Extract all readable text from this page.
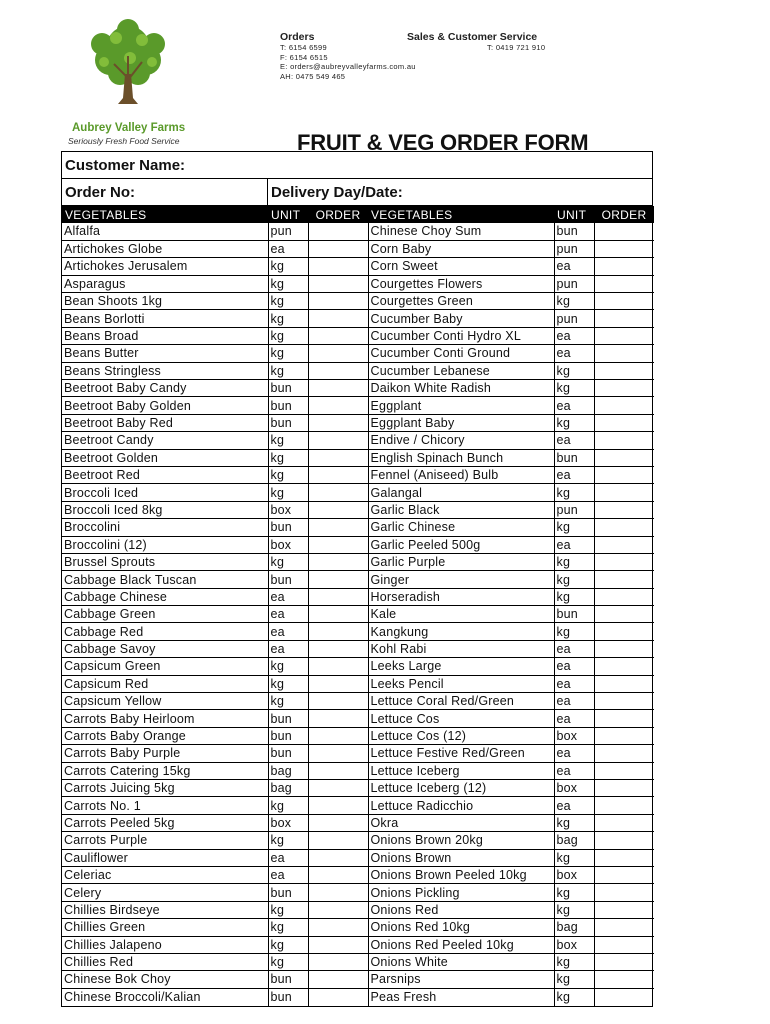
Aubrey Valley Farms
Seriously Fresh Food Service
Orders
T: 6154 6599
F: 6154 6515
E: orders@aubreyvalleyfarms.com.au
AH: 0475 549 465
Sales & Customer Service
T: 0419 721 910
FRUIT & VEG ORDER FORM
Customer Name:
Order No:	Delivery Day/Date:
VEGETABLES	UNIT	ORDER	VEGETABLES	UNIT	ORDER
Alfalfa	pun		Chinese Choy Sum	bun	
Artichokes Globe	ea		Corn Baby	pun	
Artichokes Jerusalem	kg		Corn Sweet	ea	
Asparagus	kg		Courgettes Flowers	pun	
Bean Shoots 1kg	kg		Courgettes Green	kg	
Beans Borlotti	kg		Cucumber Baby	pun	
Beans Broad	kg		Cucumber Conti Hydro XL	ea	
Beans Butter	kg		Cucumber Conti Ground	ea	
Beans Stringless	kg		Cucumber Lebanese	kg	
Beetroot Baby Candy	bun		Daikon White Radish	kg	
Beetroot Baby Golden	bun		Eggplant	ea	
Beetroot Baby Red	bun		Eggplant Baby	kg	
Beetroot Candy	kg		Endive / Chicory	ea	
Beetroot Golden	kg		English Spinach Bunch	bun	
Beetroot Red	kg		Fennel (Aniseed) Bulb	ea	
Broccoli Iced	kg		Galangal	kg	
Broccoli Iced 8kg	box		Garlic Black	pun	
Broccolini	bun		Garlic Chinese	kg	
Broccolini (12)	box		Garlic Peeled 500g	ea	
Brussel Sprouts	kg		Garlic Purple	kg	
Cabbage Black Tuscan	bun		Ginger	kg	
Cabbage Chinese	ea		Horseradish	kg	
Cabbage Green	ea		Kale	bun	
Cabbage Red	ea		Kangkung	kg	
Cabbage Savoy	ea		Kohl Rabi	ea	
Capsicum Green	kg		Leeks Large	ea	
Capsicum Red	kg		Leeks Pencil	ea	
Capsicum Yellow	kg		Lettuce Coral Red/Green	ea	
Carrots Baby Heirloom	bun		Lettuce Cos	ea	
Carrots Baby Orange	bun		Lettuce Cos (12)	box	
Carrots Baby Purple	bun		Lettuce Festive Red/Green	ea	
Carrots Catering 15kg	bag		Lettuce Iceberg	ea	
Carrots Juicing 5kg	bag		Lettuce Iceberg (12)	box	
Carrots No. 1	kg		Lettuce Radicchio	ea	
Carrots Peeled 5kg	box		Okra	kg	
Carrots Purple	kg		Onions Brown 20kg	bag	
Cauliflower	ea		Onions Brown	kg	
Celeriac	ea		Onions Brown Peeled 10kg	box	
Celery	bun		Onions Pickling	kg	
Chillies Birdseye	kg		Onions Red	kg	
Chillies Green	kg		Onions Red 10kg	bag	
Chillies Jalapeno	kg		Onions Red Peeled 10kg	box	
Chillies Red	kg		Onions White	kg	
Chinese Bok Choy	bun		Parsnips	kg	
Chinese Broccoli/Kalian	bun		Peas Fresh	kg	
